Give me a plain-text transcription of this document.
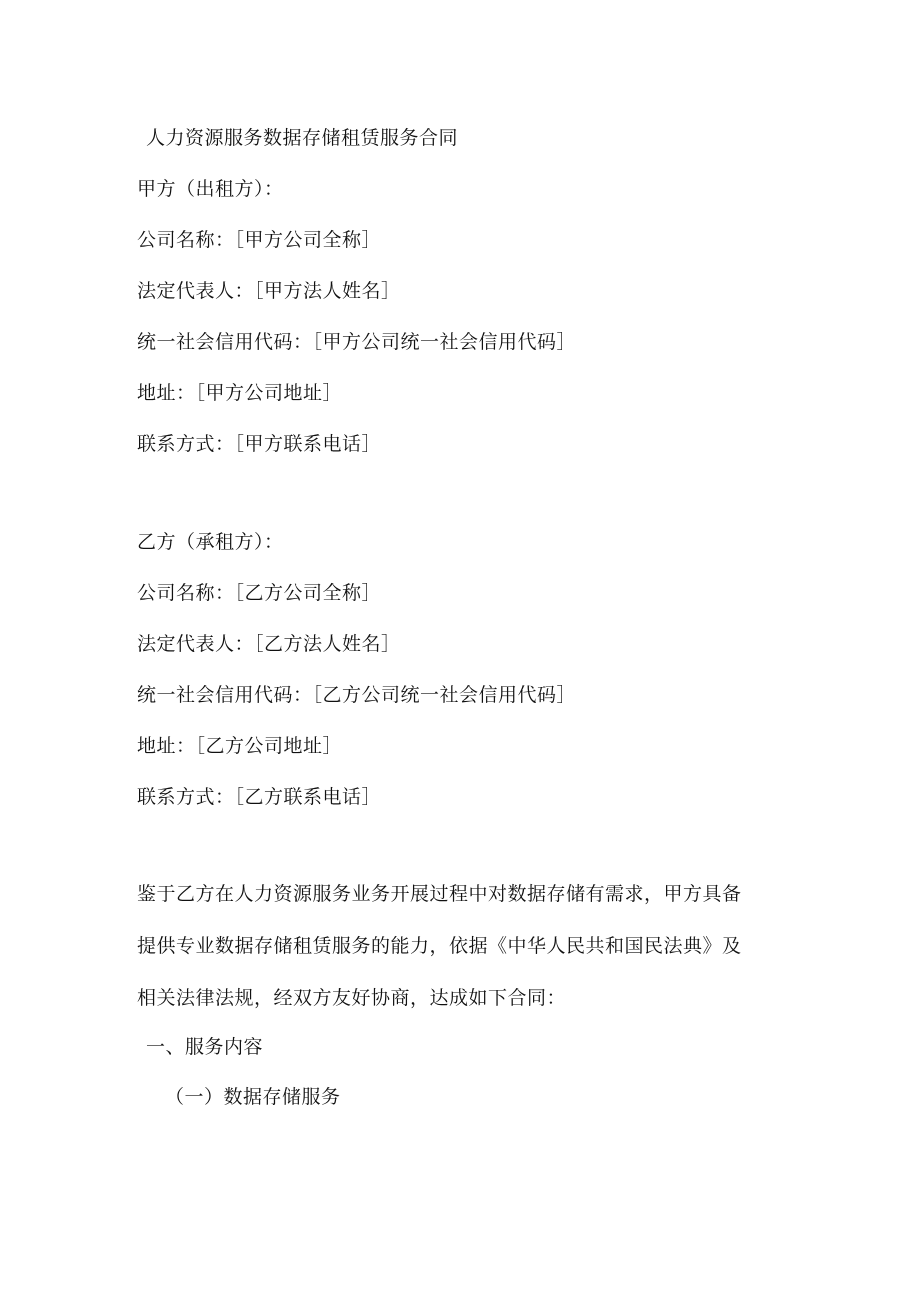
人力资源服务数据存储租赁服务合同
甲方（出租方）：
公司名称：［甲方公司全称］
法定代表人：［甲方法人姓名］
统一社会信用代码：［甲方公司统一社会信用代码］
地址：［甲方公司地址］
联系方式：［甲方联系电话］
乙方（承租方）：
公司名称：［乙方公司全称］
法定代表人：［乙方法人姓名］
统一社会信用代码：［乙方公司统一社会信用代码］
地址：［乙方公司地址］
联系方式：［乙方联系电话］
鉴于乙方在人力资源服务业务开展过程中对数据存储有需求，甲方具备提供专业数据存储租赁服务的能力，依据《中华人民共和国民法典》及相关法律法规，经双方友好协商，达成如下合同：
一、服务内容
（一）数据存储服务
